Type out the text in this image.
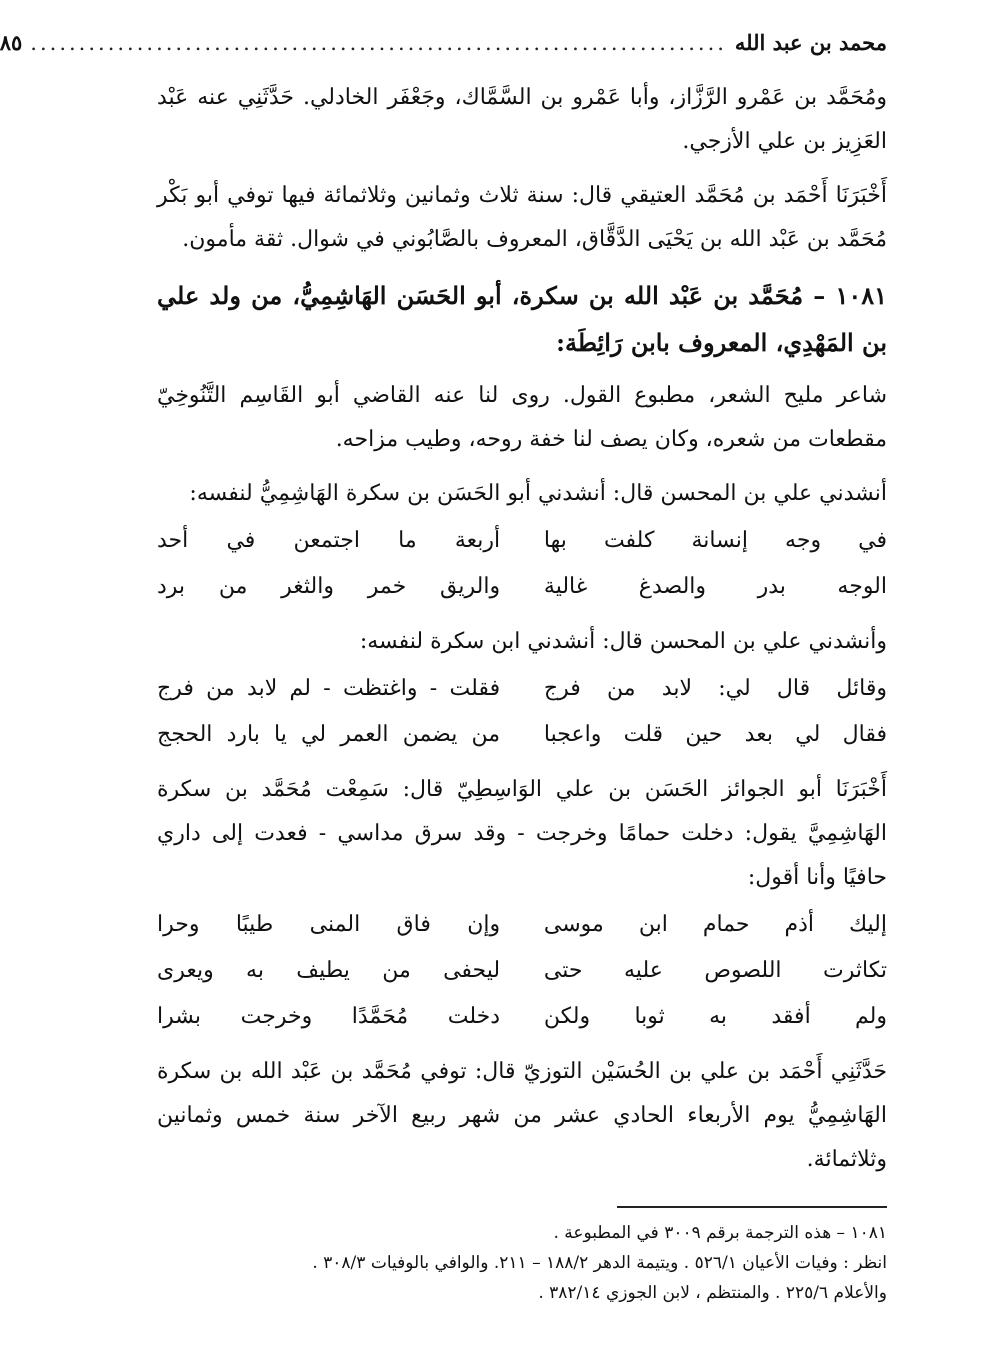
محمد بن عبد الله
........................................................................
٨٥

ومُحَمَّد بن عَمْرو الرَّزَّاز، وأبا عَمْرو بن السَّمَّاك، وجَعْفَر الخادلي. حَدَّثَنِي عنه عَبْد العَزِيز بن علي الأزجي.

أَخْبَرَنَا أَحْمَد بن مُحَمَّد العتيقي قال: سنة ثلاث وثمانين وثلاثمائة فيها توفي أبو بَكْر مُحَمَّد بن عَبْد الله بن يَحْيَى الدَّقَّاق، المعروف بالصَّابُوني في شوال. ثقة مأمون.

١٠٨١ – مُحَمَّد بن عَبْد الله بن سكرة، أبو الحَسَن الهَاشِمِيُّ، من ولد علي بن المَهْدِي، المعروف بابن رَائِطَة:

شاعر مليح الشعر، مطبوع القول. روى لنا عنه القاضي أبو القَاسِم التَّنُوخِيّ مقطعات من شعره، وكان يصف لنا خفة روحه، وطيب مزاحه.

أنشدني علي بن المحسن قال: أنشدني أبو الحَسَن بن سكرة الهَاشِمِيُّ لنفسه:

في وجه إنسانة كلفت بها
أربعة ما اجتمعن في أحد
الوجه بدر والصدغ غالية
والريق خمر والثغر من برد

وأنشدني علي بن المحسن قال: أنشدني ابن سكرة لنفسه:

وقائل قال لي: لابد من فرج
فقلت - واغتظت - لم لابد من فرج
فقال لي بعد حين قلت واعجبا
من يضمن العمر لي يا بارد الحجج

أَخْبَرَنَا أبو الجوائز الحَسَن بن علي الوَاسِطِيّ قال: سَمِعْت مُحَمَّد بن سكرة الهَاشِمِيَّ يقول: دخلت حمامًا وخرجت - وقد سرق مداسي - فعدت إلى داري حافيًا وأنا أقول:

إليك أذم حمام ابن موسى
وإن فاق المنى طيبًا وحرا
تكاثرت اللصوص عليه حتى
ليحفى من يطيف به ويعرى
ولم أفقد به ثوبا ولكن
دخلت مُحَمَّدًا وخرجت بشرا

حَدَّثَنِي أَحْمَد بن علي بن الحُسَيْن التوزيّ قال: توفي مُحَمَّد بن عَبْد الله بن سكرة الهَاشِمِيُّ يوم الأربعاء الحادي عشر من شهر ربيع الآخر سنة خمس وثمانين وثلاثمائة.

١٠٨١ – هذه الترجمة برقم ٣٠٠٩ في المطبوعة .

انظر : وفيات الأعيان ٥٢٦/١ . ويتيمة الدهر ١٨٨/٢ – ٢١١. والوافي بالوفيات ٣٠٨/٣ .

والأعلام ٢٢٥/٦ . والمنتظم ، لابن الجوزي ٣٨٢/١٤ .
